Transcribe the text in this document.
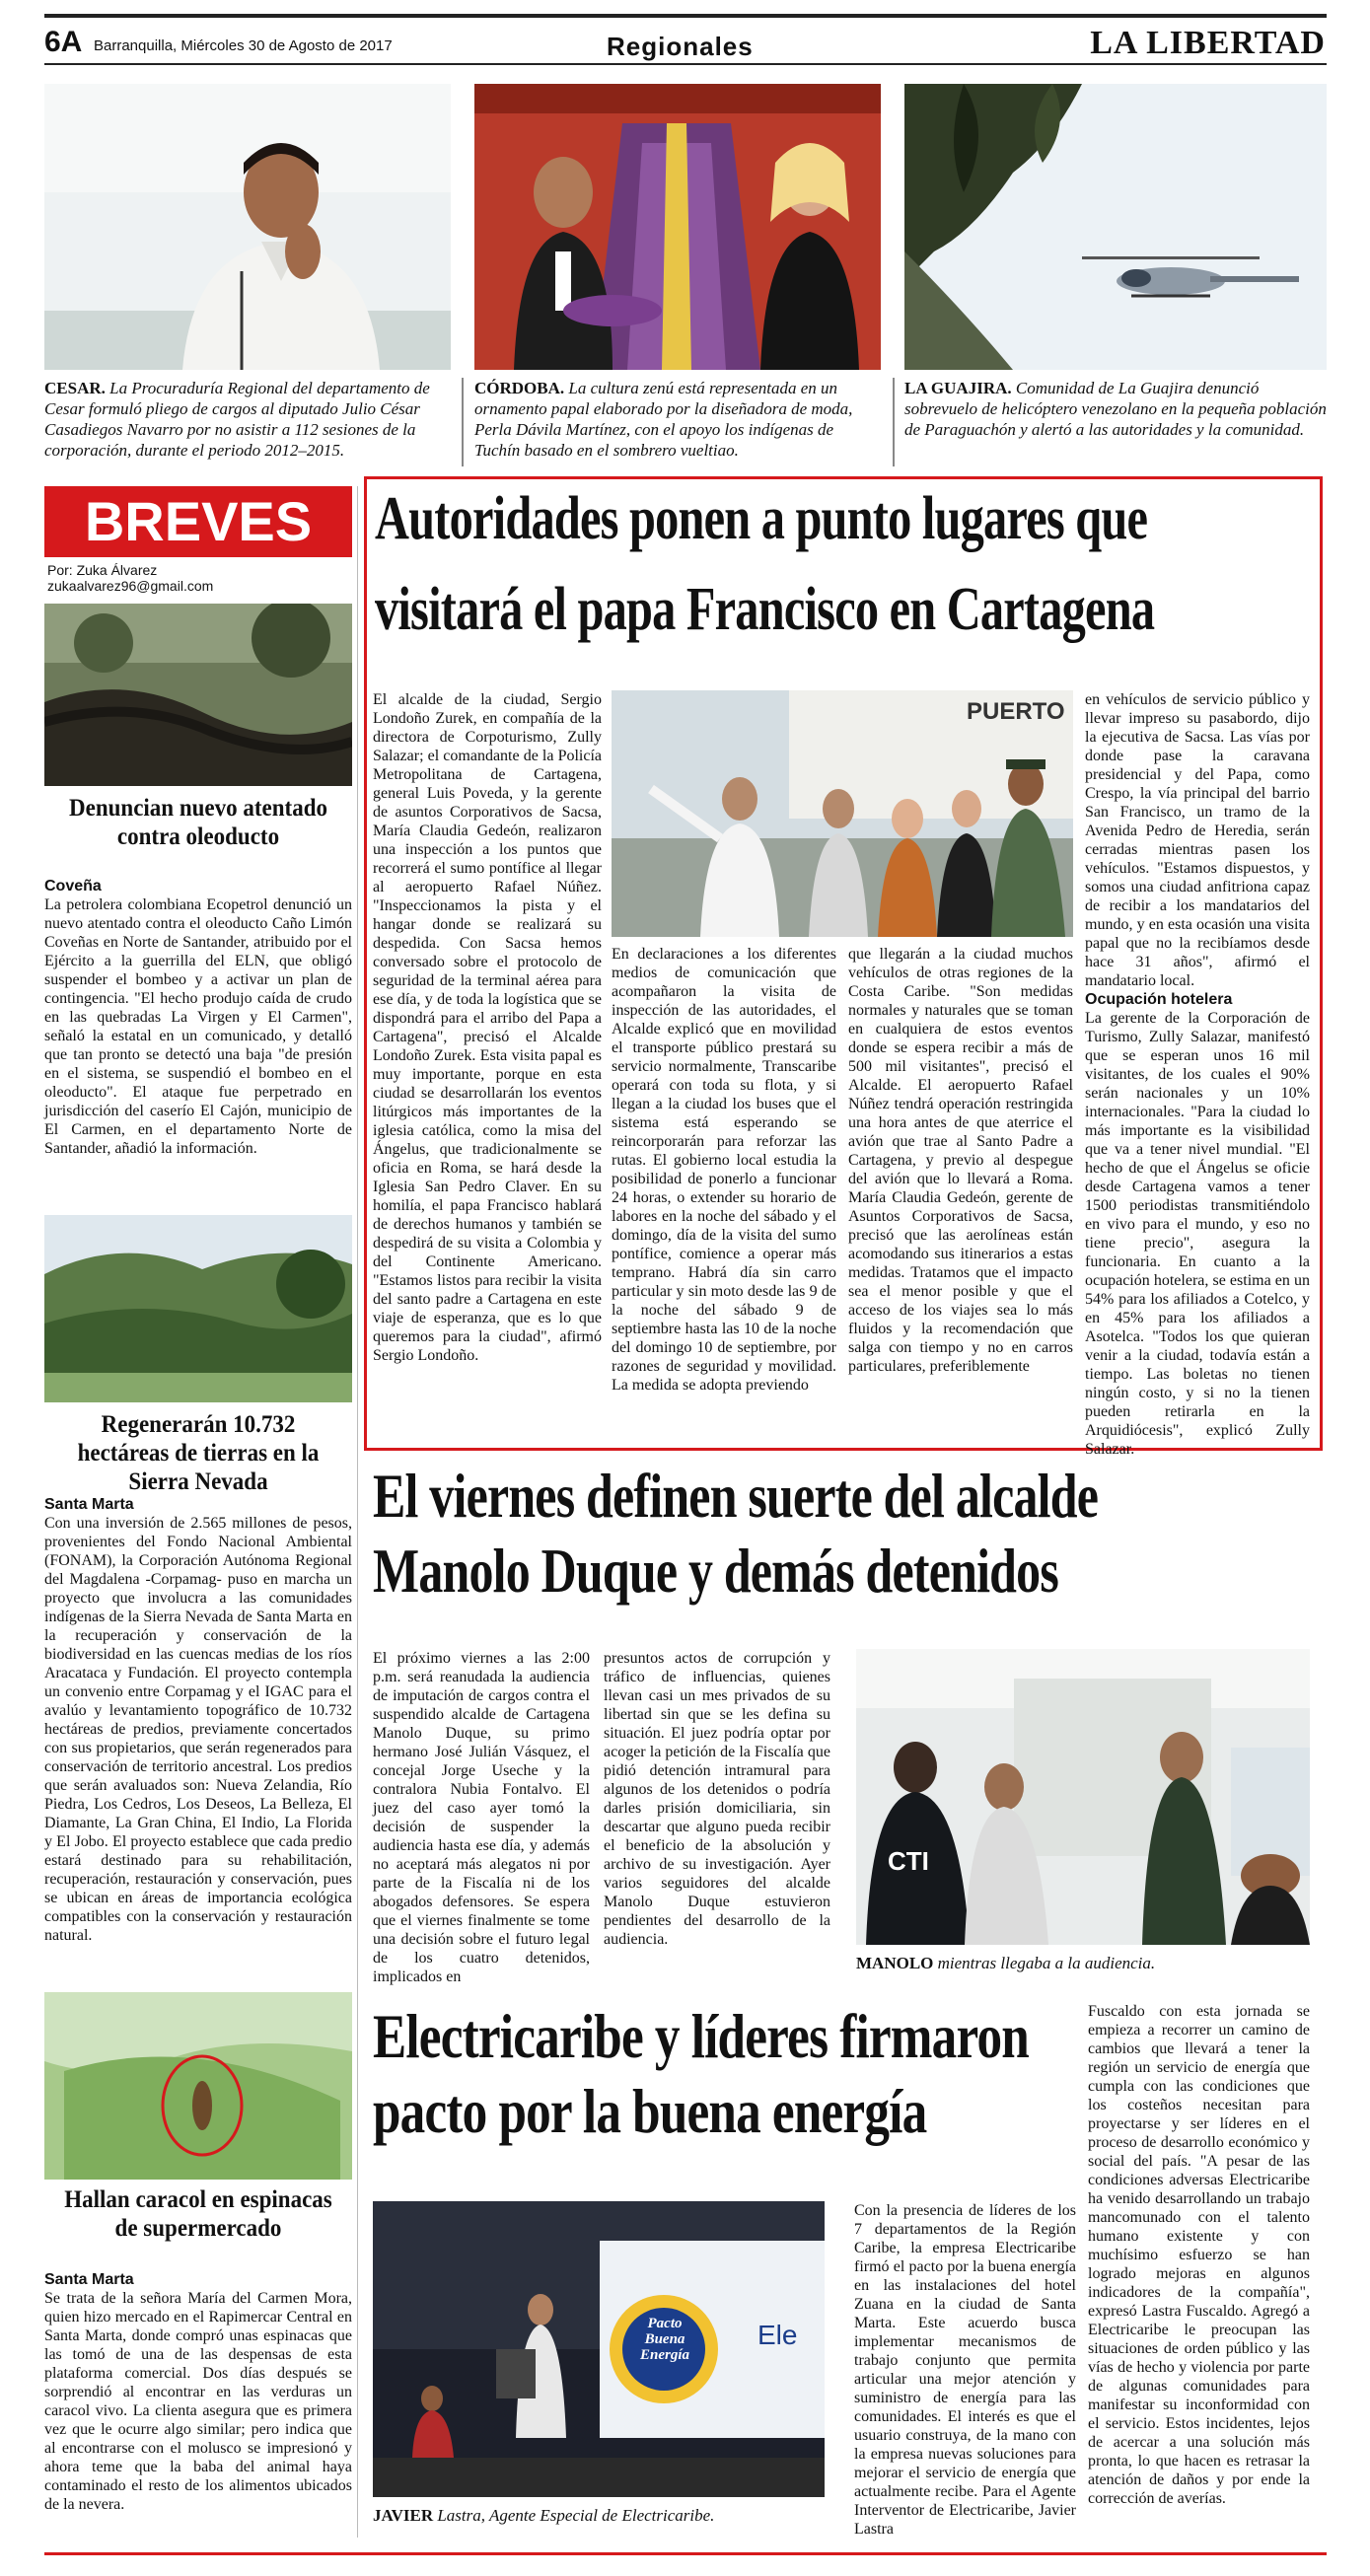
6A Barranquilla, Miércoles 30 de Agosto de 2017	Regionales	LA LIBERTAD
CESAR. La Procuraduría Regional del departamento de Cesar formuló pliego de cargos al diputado Julio César Casadiegos Navarro por no asistir a 112 sesiones de la corporación, durante el periodo 2012–2015.
CÓRDOBA. La cultura zenú está representada en un ornamento papal elaborado por la diseñadora de moda, Perla Dávila Martínez, con el apoyo los indígenas de Tuchín basado en el sombrero vueltiao.
LA GUAJIRA. Comunidad de La Guajira denunció sobrevuelo de helicóptero venezolano en la pequeña población de Paraguachón y alertó a las autoridades y la comunidad.
BREVES
Por: Zuka Álvarez
zukaalvarez96@gmail.com
Denuncian nuevo atentado contra oleoducto
Coveña
La petrolera colombiana Ecopetrol denunció un nuevo atentado contra el oleoducto Caño Limón Coveñas en Norte de Santander, atribuido por el Ejército a la guerrilla del ELN, que obligó suspender el bombeo y a activar un plan de contingencia. "El hecho produjo caída de crudo en las quebradas La Virgen y El Carmen", señaló la estatal en un comunicado, y detalló que tan pronto se detectó una baja "de presión en el sistema, se suspendió el bombeo en el oleoducto". El ataque fue perpetrado en jurisdicción del caserío El Cajón, municipio de El Carmen, en el departamento Norte de Santander, añadió la información.
Regenerarán 10.732 hectáreas de tierras en la Sierra Nevada
Santa Marta
Con una inversión de 2.565 millones de pesos, provenientes del Fondo Nacional Ambiental (FONAM), la Corporación Autónoma Regional del Magdalena -Corpamag- puso en marcha un proyecto que involucra a las comunidades indígenas de la Sierra Nevada de Santa Marta en la recuperación y conservación de la biodiversidad en las cuencas medias de los ríos Aracataca y Fundación. El proyecto contempla un convenio entre Corpamag y el IGAC para el avalúo y levantamiento topográfico de 10.732 hectáreas de predios, previamente concertados con sus propietarios, que serán regenerados para conservación de territorio ancestral. Los predios que serán avaluados son: Nueva Zelandia, Río Piedra, Los Cedros, Los Deseos, La Belleza, El Diamante, La Gran China, El Indio, La Florida y El Jobo. El proyecto establece que cada predio estará destinado para su rehabilitación, recuperación, restauración y conservación, pues se ubican en áreas de importancia ecológica compatibles con la conservación y restauración natural.
Hallan caracol en espinacas de supermercado
Santa Marta
Se trata de la señora María del Carmen Mora, quien hizo mercado en el Rapimercar Central en Santa Marta, donde compró unas espinacas que las tomó de una de las despensas de esta plataforma comercial. Dos días después se sorprendió al encontrar en las verduras un caracol vivo. La clienta asegura que es primera vez que le ocurre algo similar; pero indica que al encontrarse con el molusco se impresionó y ahora teme que la baba del animal haya contaminado el resto de los alimentos ubicados de la nevera.
Autoridades ponen a punto lugares que
visitará el papa Francisco en Cartagena
El alcalde de la ciudad, Sergio Londoño Zurek, en compañía de la directora de Corpoturismo, Zully Salazar; el comandante de la Policía Metropolitana de Cartagena, general Luis Poveda, y la gerente de asuntos Corporativos de Sacsa, María Claudia Gedeón, realizaron una inspección a los puntos que recorrerá el sumo pontífice al llegar al aeropuerto Rafael Núñez. "Inspeccionamos la pista y el hangar donde se realizará su despedida. Con Sacsa hemos conversado sobre el protocolo de seguridad de la terminal aérea para ese día, y de toda la logística que se dispondrá para el arribo del Papa a Cartagena", precisó el Alcalde Londoño Zurek. Esta visita papal es muy importante, porque en esta ciudad se desarrollarán los eventos litúrgicos más importantes de la iglesia católica, como la misa del Ángelus, que tradicionalmente se oficia en Roma, se hará desde la Iglesia San Pedro Claver. En su homilía, el papa Francisco hablará de derechos humanos y también se despedirá de su visita a Colombia y del Continente Americano. "Estamos listos para recibir la visita del santo padre a Cartagena en este viaje de esperanza, que es lo que queremos para la ciudad", afirmó Sergio Londoño.
PUERTO
En declaraciones a los diferentes medios de comunicación que acompañaron la visita de inspección de las autoridades, el Alcalde explicó que en movilidad el transporte público prestará su servicio normalmente, Transcaribe operará con toda su flota, y si llegan a la ciudad los buses que el sistema está esperando se reincorporarán para reforzar las rutas. El gobierno local estudia la posibilidad de ponerlo a funcionar 24 horas, o extender su horario de labores en la noche del sábado y el domingo, día de la visita del sumo pontífice, comience a operar más temprano. Habrá día sin carro particular y sin moto desde las 9 de la noche del sábado 9 de septiembre hasta las 10 de la noche del domingo 10 de septiembre, por razones de seguridad y movilidad. La medida se adopta previendo
que llegarán a la ciudad muchos vehículos de otras regiones de la Costa Caribe. "Son medidas normales y naturales que se toman en cualquiera de estos eventos donde se espera recibir a más de 500 mil visitantes", precisó el Alcalde. El aeropuerto Rafael Núñez tendrá operación restringida una hora antes de que aterrice el avión que trae al Santo Padre a Cartagena, y previo al despegue del avión que lo llevará a Roma. María Claudia Gedeón, gerente de Asuntos Corporativos de Sacsa, precisó que las aerolíneas están acomodando sus itinerarios a estas medidas. Tratamos que el impacto sea el menor posible y que el acceso de los viajes sea lo más fluidos y la recomendación que salga con tiempo y no en carros particulares, preferiblemente

en vehículos de servicio público y llevar impreso su pasabordo, dijo la ejecutiva de Sacsa. Las vías por donde pase la caravana presidencial y del Papa, como Crespo, la vía principal del barrio San Francisco, un tramo de la Avenida Pedro de Heredia, serán cerradas mientras pasen los vehículos. "Estamos dispuestos, y somos una ciudad anfitriona capaz de recibir a los mandatarios del mundo, y en esta ocasión una visita papal que no la recibíamos desde hace 31 años", afirmó el mandatario local.

Ocupación hotelera

La gerente de la Corporación de Turismo, Zully Salazar, manifestó que se esperan unos 16 mil visitantes, de los cuales el 90% serán nacionales y un 10% internacionales. "Para la ciudad lo más importante es la visibilidad que va a tener nivel mundial. "El hecho de que el Ángelus se oficie desde Cartagena vamos a tener 1500 periodistas transmitiéndolo en vivo para el mundo, y eso no tiene precio", asegura la funcionaria. En cuanto a la ocupación hotelera, se estima en un 54% para los afiliados a Cotelco, y en 45% para los afiliados a Asotelca. "Todos los que quieran venir a la ciudad, todavía están a tiempo. Las boletas no tienen ningún costo, y si no la tienen pueden retirarla en la Arquidiócesis", explicó Zully Salazar.

El viernes definen suerte del alcalde
Manolo Duque y demás detenidos
El próximo viernes a las 2:00 p.m. será reanudada la audiencia de imputación de cargos contra el suspendido alcalde de Cartagena Manolo Duque, su primo hermano José Julián Vásquez, el concejal Jorge Useche y la contralora Nubia Fontalvo. El juez del caso ayer tomó la decisión de suspender la audiencia hasta ese día, y además no aceptará más alegatos ni por parte de la Fiscalía ni de los abogados defensores. Se espera que el viernes finalmente se tome una decisión sobre el futuro legal de los cuatro detenidos, implicados en
presuntos actos de corrupción y tráfico de influencias, quienes llevan casi un mes privados de su libertad sin que se les defina su situación. El juez podría optar por acoger la petición de la Fiscalía que pidió detención intramural para algunos de los detenidos o podría darles prisión domiciliaria, sin descartar que alguno pueda recibir el beneficio de la absolución y archivo de su investigación. Ayer varios seguidores del alcalde Manolo Duque estuvieron pendientes del desarrollo de la audiencia.
CTI
MANOLO mientras llegaba a la audiencia.
Electricaribe y líderes firmaron
pacto por la buena energía
Pacto
Buena
Energía
Ele
JAVIER Lastra, Agente Especial de Electricaribe.
Con la presencia de líderes de los 7 departamentos de la Región Caribe, la empresa Electricaribe firmó el pacto por la buena energía en las instalaciones del hotel Zuana en la ciudad de Santa Marta. Este acuerdo busca implementar mecanismos de trabajo conjunto que permita articular una mejor atención y suministro de energía para las comunidades. El interés es que el usuario construya, de la mano con la empresa nuevas soluciones para mejorar el servicio de energía que actualmente recibe. Para el Agente Interventor de Electricaribe, Javier Lastra
Fuscaldo con esta jornada se empieza a recorrer un camino de cambios que llevará a tener la región un servicio de energía que cumpla con las condiciones que los costeños necesitan para proyectarse y ser líderes en el proceso de desarrollo económico y social del país. "A pesar de las condiciones adversas Electricaribe ha venido desarrollando un trabajo mancomunado con el talento humano existente y con muchísimo esfuerzo se han logrado mejoras en algunos indicadores de la compañía", expresó Lastra Fuscaldo. Agregó a Electricaribe le preocupan las situaciones de orden público y las vías de hecho y violencia por parte de algunas comunidades para manifestar su inconformidad con el servicio. Estos incidentes, lejos de acercar a una solución más pronta, lo que hacen es retrasar la atención de daños y por ende la corrección de averías.
